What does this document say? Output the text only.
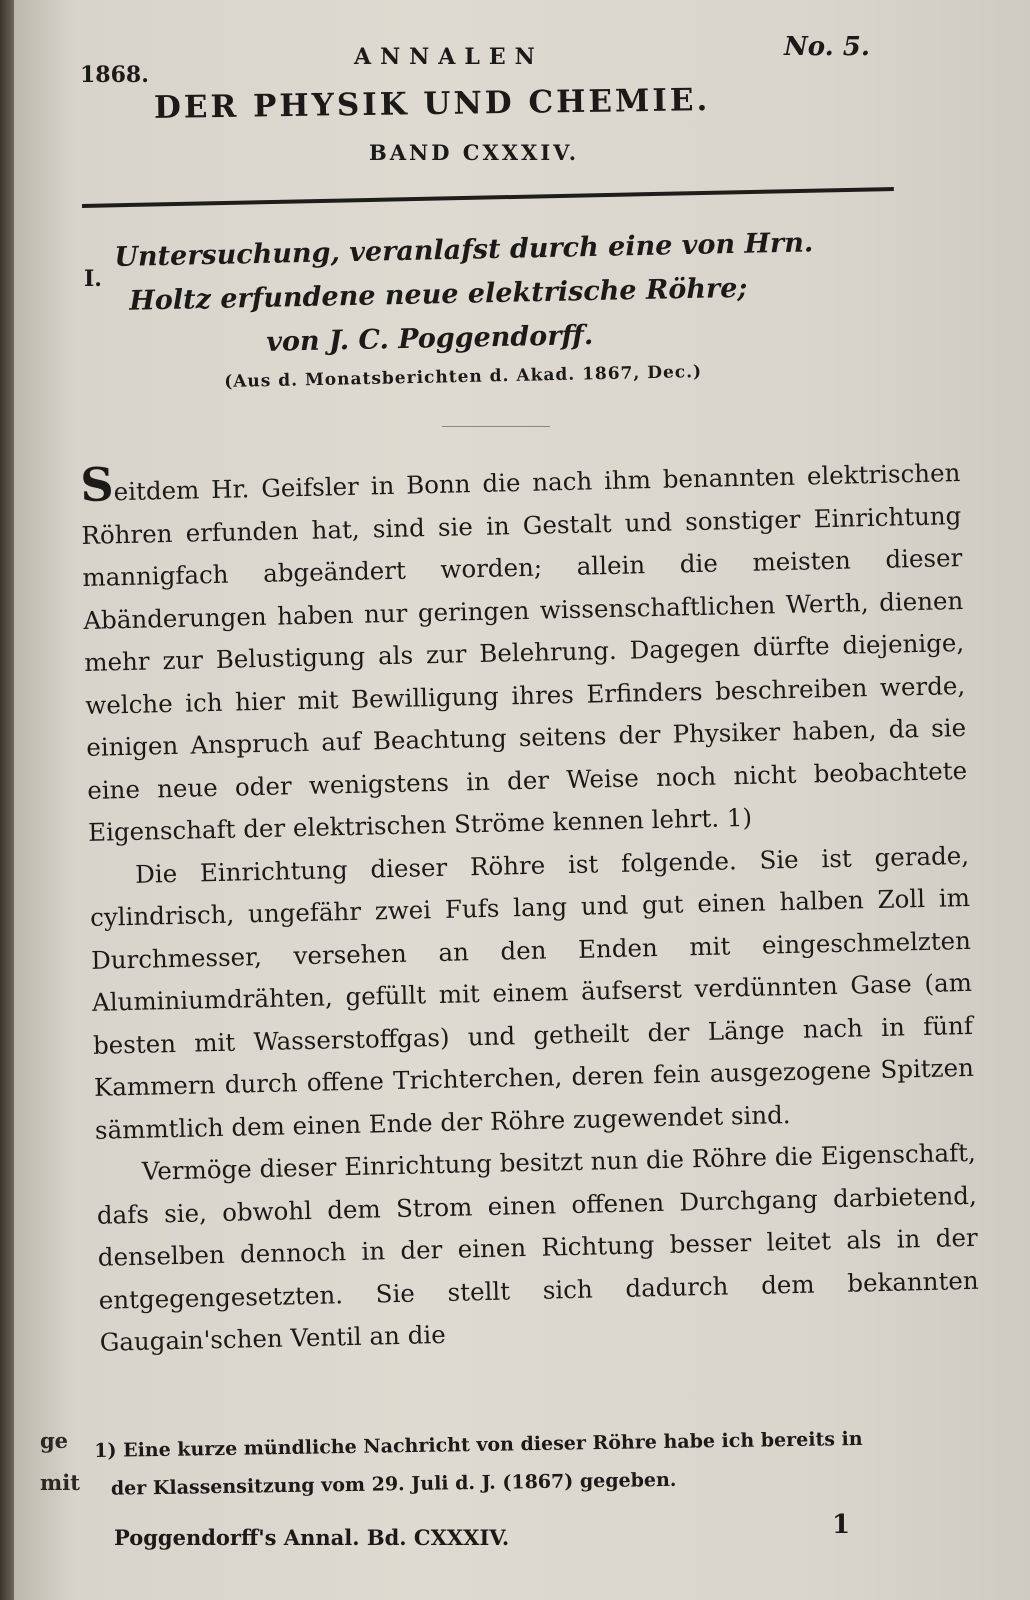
1868.
ANNALEN	No. 5.
DER PHYSIK UND CHEMIE.
BAND CXXXIV.
I.
Untersuchung, veranlafst durch eine von Hrn.
Holtz erfundene neue elektrische Röhre;
von J. C. Poggendorff.
(Aus d. Monatsberichten d. Akad. 1867, Dec.)

Seitdem Hr. Geifsler in Bonn die nach ihm benannten elektrischen Röhren erfunden hat, sind sie in Gestalt und sonstiger Einrichtung mannigfach abgeändert worden; allein die meisten dieser Abänderungen haben nur geringen wissenschaftlichen Werth, dienen mehr zur Belustigung als zur Belehrung. Dagegen dürfte diejenige, welche ich hier mit Bewilligung ihres Erfinders beschreiben werde, einigen Anspruch auf Beachtung seitens der Physiker haben, da sie eine neue oder wenigstens in der Weise noch nicht beobachtete Eigenschaft der elektrischen Ströme kennen lehrt. 1)

Die Einrichtung dieser Röhre ist folgende. Sie ist gerade, cylindrisch, ungefähr zwei Fufs lang und gut einen halben Zoll im Durchmesser, versehen an den Enden mit eingeschmelzten Aluminiumdrähten, gefüllt mit einem äufserst verdünnten Gase (am besten mit Wasserstoffgas) und getheilt der Länge nach in fünf Kammern durch offene Trichterchen, deren fein ausgezogene Spitzen sämmtlich dem einen Ende der Röhre zugewendet sind.

Vermöge dieser Einrichtung besitzt nun die Röhre die Eigenschaft, dafs sie, obwohl dem Strom einen offenen Durchgang darbietend, denselben dennoch in der einen Richtung besser leitet als in der entgegengesetzten. Sie stellt sich dadurch dem bekannten Gaugain'schen Ventil an die

ge
mit
1) Eine kurze mündliche Nachricht von dieser Röhre habe ich bereits in
der Klassensitzung vom 29. Juli d. J. (1867) gegeben.
Poggendorff's Annal. Bd. CXXXIV.	1
